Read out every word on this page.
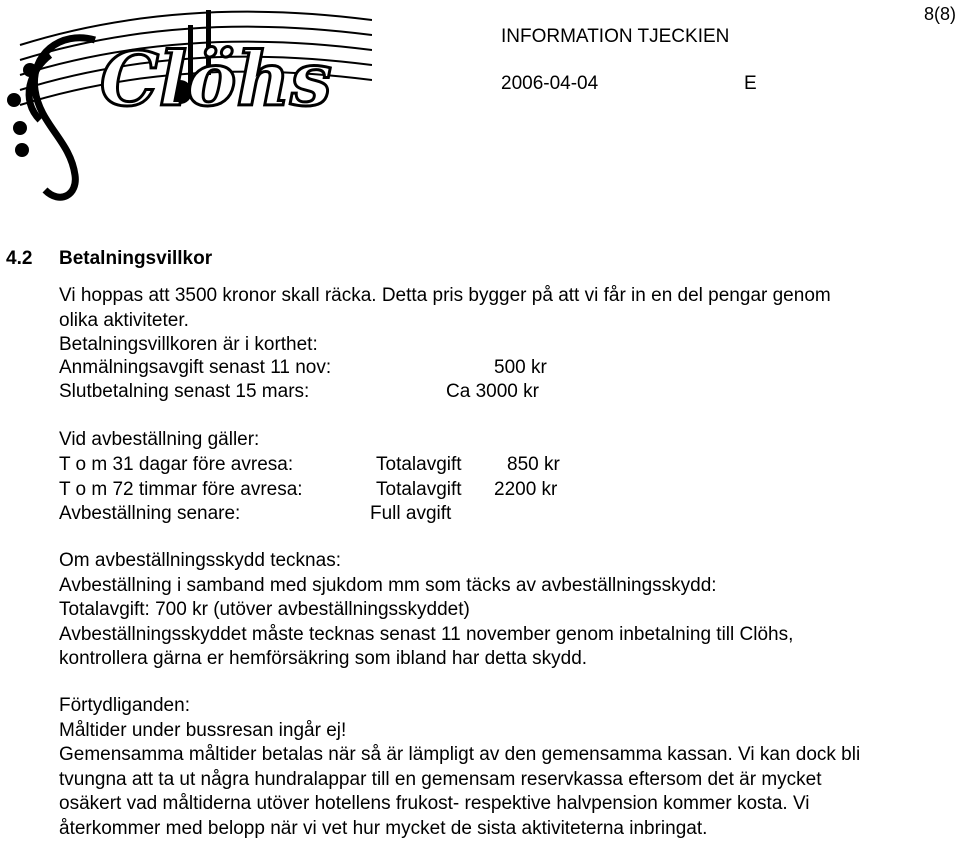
Clöhs
8(8)
INFORMATION TJECKIEN
2006-04-04	E
4.2 Betalningsvillkor
Vi hoppas att 3500 kronor skall räcka. Detta pris bygger på att vi får in en del pengar genom
olika aktiviteter.
Betalningsvillkoren är i korthet:
Anmälningsavgift senast 11 nov:	500 kr
Slutbetalning senast 15 mars:	Ca 3000 kr
Vid avbeställning gäller:
T o m 31 dagar före avresa:	Totalavgift 850 kr
T o m 72 timmar före avresa:	Totalavgift 2200 kr
Avbeställning senare:	Full avgift
Om avbeställningsskydd tecknas:
Avbeställning i samband med sjukdom mm som täcks av avbeställningsskydd:
Totalavgift: 700 kr (utöver avbeställningsskyddet)
Avbeställningsskyddet måste tecknas senast 11 november genom inbetalning till Clöhs,
kontrollera gärna er hemförsäkring som ibland har detta skydd.
Förtydliganden:
Måltider under bussresan ingår ej!
Gemensamma måltider betalas när så är lämpligt av den gemensamma kassan. Vi kan dock bli
tvungna att ta ut några hundralappar till en gemensam reservkassa eftersom det är mycket
osäkert vad måltiderna utöver hotellens frukost- respektive halvpension kommer kosta. Vi
återkommer med belopp när vi vet hur mycket de sista aktiviteterna inbringat.
